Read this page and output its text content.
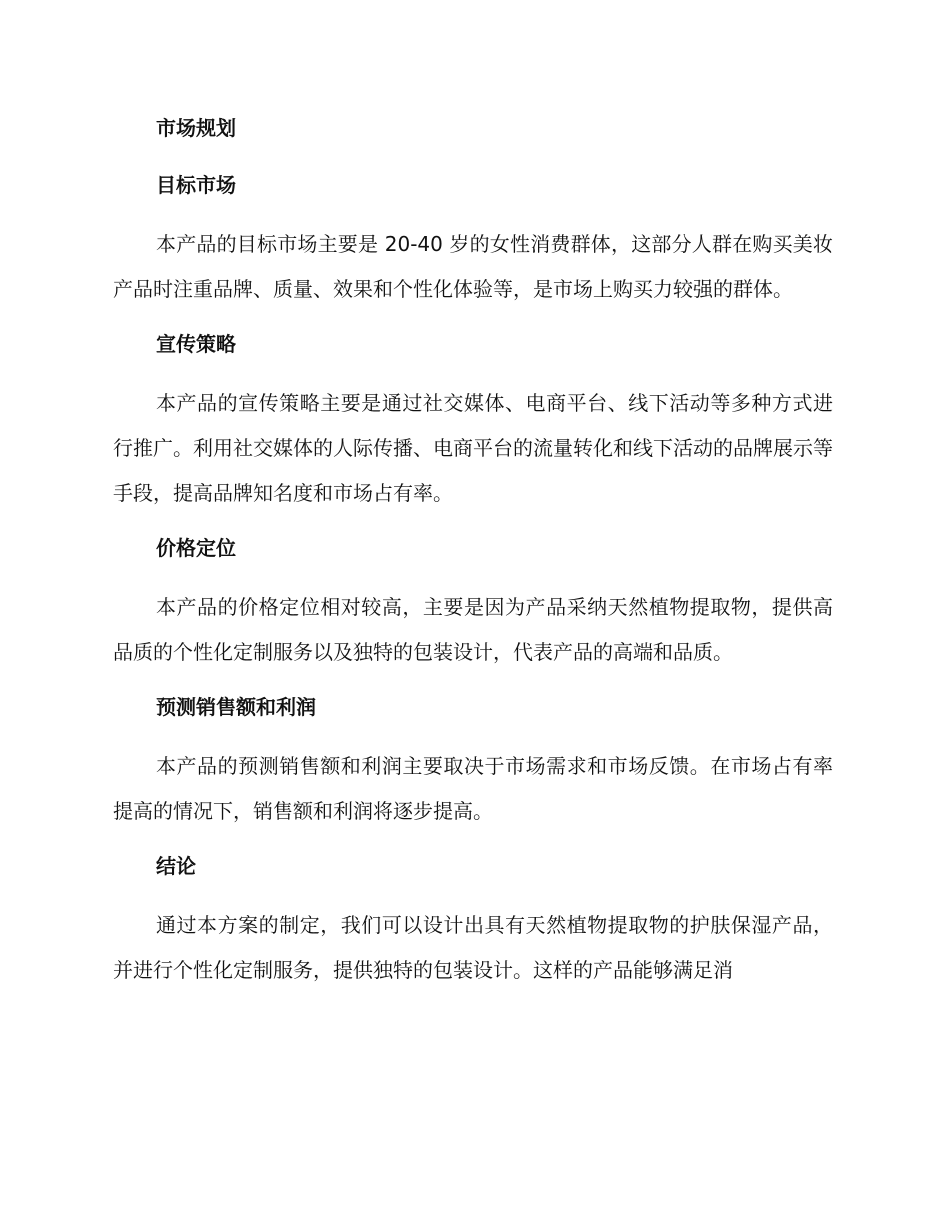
市场规划
目标市场

本产品的目标市场主要是 20-40 岁的女性消费群体，这部分人群在购买美妆产品时注重品牌、质量、效果和个性化体验等，是市场上购买力较强的群体。

宣传策略

本产品的宣传策略主要是通过社交媒体、电商平台、线下活动等多种方式进行推广。利用社交媒体的人际传播、电商平台的流量转化和线下活动的品牌展示等手段，提高品牌知名度和市场占有率。

价格定位

本产品的价格定位相对较高，主要是因为产品采纳天然植物提取物，提供高品质的个性化定制服务以及独特的包装设计，代表产品的高端和品质。

预测销售额和利润

本产品的预测销售额和利润主要取决于市场需求和市场反馈。在市场占有率提高的情况下，销售额和利润将逐步提高。

结论

通过本方案的制定，我们可以设计出具有天然植物提取物的护肤保湿产品，并进行个性化定制服务，提供独特的包装设计。这样的产品能够满足消
